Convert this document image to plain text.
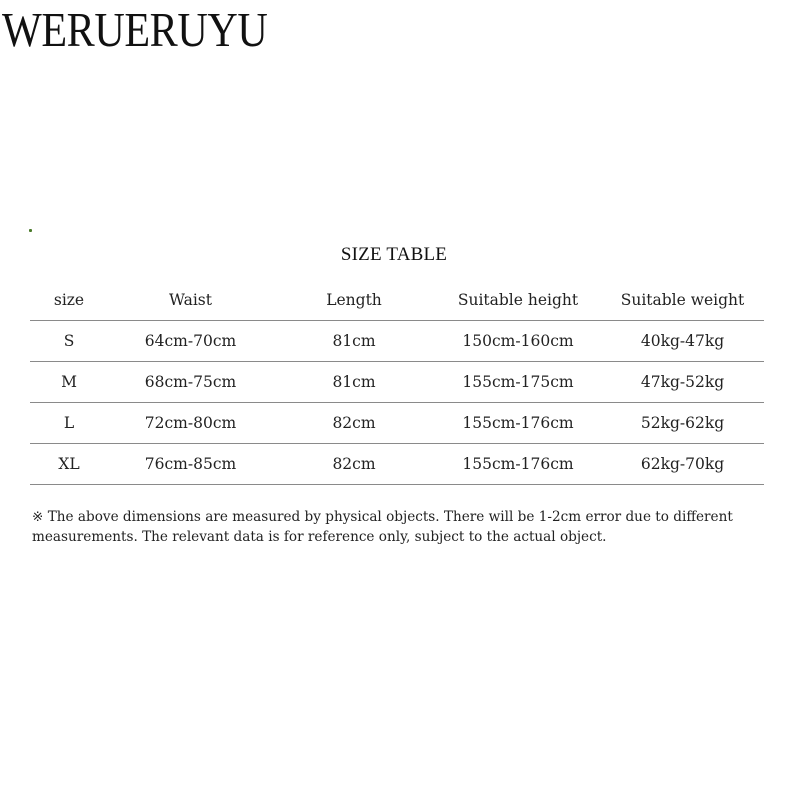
WERUERUYU
SIZE TABLE
size	Waist	Length	Suitable height	Suitable weight
S	64cm-70cm	81cm	150cm-160cm	40kg-47kg
M	68cm-75cm	81cm	155cm-175cm	47kg-52kg
L	72cm-80cm	82cm	155cm-176cm	52kg-62kg
XL	76cm-85cm	82cm	155cm-176cm	62kg-70kg
※ The above dimensions are measured by physical objects. There will be 1-2cm error due to different
measurements. The relevant data is for reference only, subject to the actual object.
